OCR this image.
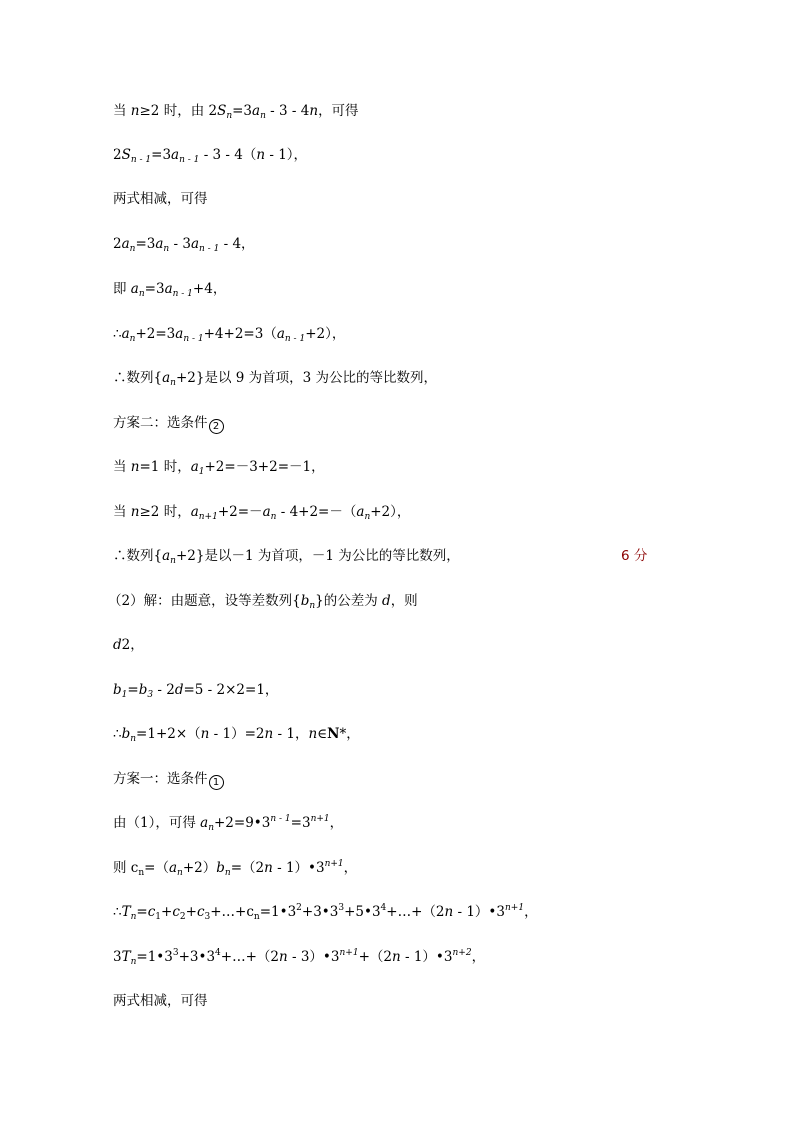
当 n≥2 时，由 $2S_n=3a_n - 3 - 4n$，可得
$2S_{n - 1}=3a_{n - 1} - 3 - 4(n - 1)$，
两式相减，可得
$2a_n=3a_n - 3a_{n - 1} - 4$，
即 $a_n=3a_{n - 1}+4$，
$\therefore a_n+2=3a_{n - 1}+4+2=3(a_{n - 1}+2)$，
∴数列$\{a_n+2\}$是以 9 为首项，3 为公比的等比数列，
方案二：选条件 2
当 n=1 时，$a_1+2=-3+2=-1$，
当 n≥2 时，$a_{n+1}+2=-a_n - 4+2=-(a_n+2)$，
∴数列$\{a_n+2\}$是以－1 为首项，－1 为公比的等比数列，	6 分
（2）解：由题意，设等差数列$\{b_n\}$的公差为 d，则
d2，
$b_1=b_3 - 2d=5 - 2\times 2=1$，
$\therefore b_n=1+2\times(n - 1)=2n - 1$，n∈N*，
方案一：选条件 1
由（1），可得 $a_n+2=9•3^{n - 1}=3^{n+1}$，
则 $c_n=(a_n+2)b_n=(2n$ - $1)•3^{n+1}$，
$\therefore T_n=c_1+c_2+c_3+\dots+c_n=1•3^2+3•3^3+5•3^4+\dots+(2n$ - $1)•3^{n+1}$，
$3T_n=1•3^3+3•3^4+\dots+(2n$ - $3)•3^{n+1}+(2n$ - $1)•3^{n+2}$，
两式相减，可得
